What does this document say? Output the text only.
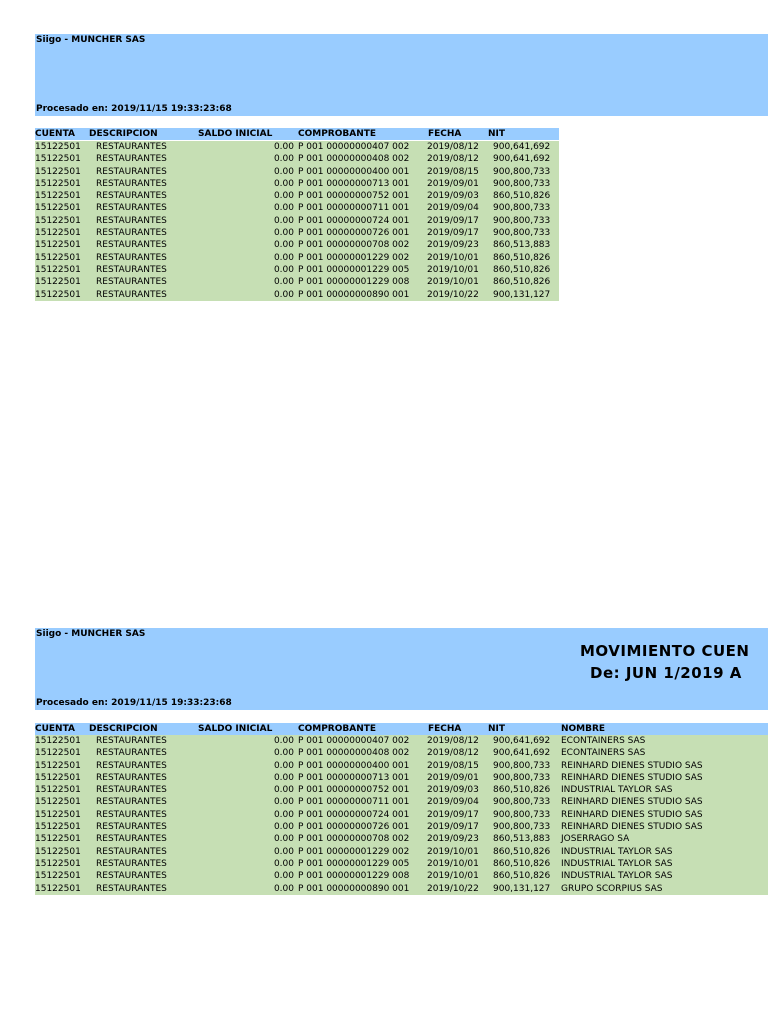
Siigo - MUNCHER SAS
Procesado en: 2019/11/15 19:33:23:68
CUENTA DESCRIPCION	SALDO INICIAL	COMPROBANTE	FECHA	NIT
15122501 RESTAURANTES	0.00 P 001 00000000407 002 2019/08/12 900,641,692
15122501 RESTAURANTES	0.00 P 001 00000000408 002 2019/08/12 900,641,692
15122501 RESTAURANTES	0.00 P 001 00000000400 001 2019/08/15 900,800,733
15122501 RESTAURANTES	0.00 P 001 00000000713 001 2019/09/01 900,800,733
15122501 RESTAURANTES	0.00 P 001 00000000752 001 2019/09/03 860,510,826
15122501 RESTAURANTES	0.00 P 001 00000000711 001 2019/09/04 900,800,733
15122501 RESTAURANTES	0.00 P 001 00000000724 001 2019/09/17 900,800,733
15122501 RESTAURANTES	0.00 P 001 00000000726 001 2019/09/17 900,800,733
15122501 RESTAURANTES	0.00 P 001 00000000708 002 2019/09/23 860,513,883
15122501 RESTAURANTES	0.00 P 001 00000001229 002 2019/10/01 860,510,826
15122501 RESTAURANTES	0.00 P 001 00000001229 005 2019/10/01 860,510,826
15122501 RESTAURANTES	0.00 P 001 00000001229 008 2019/10/01 860,510,826
15122501 RESTAURANTES	0.00 P 001 00000000890 001 2019/10/22 900,131,127
Siigo - MUNCHER SAS
MOVIMIENTO CUEN
De: JUN 1/2019 A
Procesado en: 2019/11/15 19:33:23:68
CUENTA DESCRIPCION	SALDO INICIAL	COMPROBANTE	FECHA	NIT	NOMBRE
15122501 RESTAURANTES	0.00 P 001 00000000407 002 2019/08/12 900,641,692 ECONTAINERS SAS
15122501 RESTAURANTES	0.00 P 001 00000000408 002 2019/08/12 900,641,692 ECONTAINERS SAS
15122501 RESTAURANTES	0.00 P 001 00000000400 001 2019/08/15 900,800,733 REINHARD DIENES STUDIO SAS
15122501 RESTAURANTES	0.00 P 001 00000000713 001 2019/09/01 900,800,733 REINHARD DIENES STUDIO SAS
15122501 RESTAURANTES	0.00 P 001 00000000752 001 2019/09/03 860,510,826 INDUSTRIAL TAYLOR SAS
15122501 RESTAURANTES	0.00 P 001 00000000711 001 2019/09/04 900,800,733 REINHARD DIENES STUDIO SAS
15122501 RESTAURANTES	0.00 P 001 00000000724 001 2019/09/17 900,800,733 REINHARD DIENES STUDIO SAS
15122501 RESTAURANTES	0.00 P 001 00000000726 001 2019/09/17 900,800,733 REINHARD DIENES STUDIO SAS
15122501 RESTAURANTES	0.00 P 001 00000000708 002 2019/09/23 860,513,883 JOSERRAGO SA
15122501 RESTAURANTES	0.00 P 001 00000001229 002 2019/10/01 860,510,826 INDUSTRIAL TAYLOR SAS
15122501 RESTAURANTES	0.00 P 001 00000001229 005 2019/10/01 860,510,826 INDUSTRIAL TAYLOR SAS
15122501 RESTAURANTES	0.00 P 001 00000001229 008 2019/10/01 860,510,826 INDUSTRIAL TAYLOR SAS
15122501 RESTAURANTES	0.00 P 001 00000000890 001 2019/10/22 900,131,127 GRUPO SCORPIUS SAS
